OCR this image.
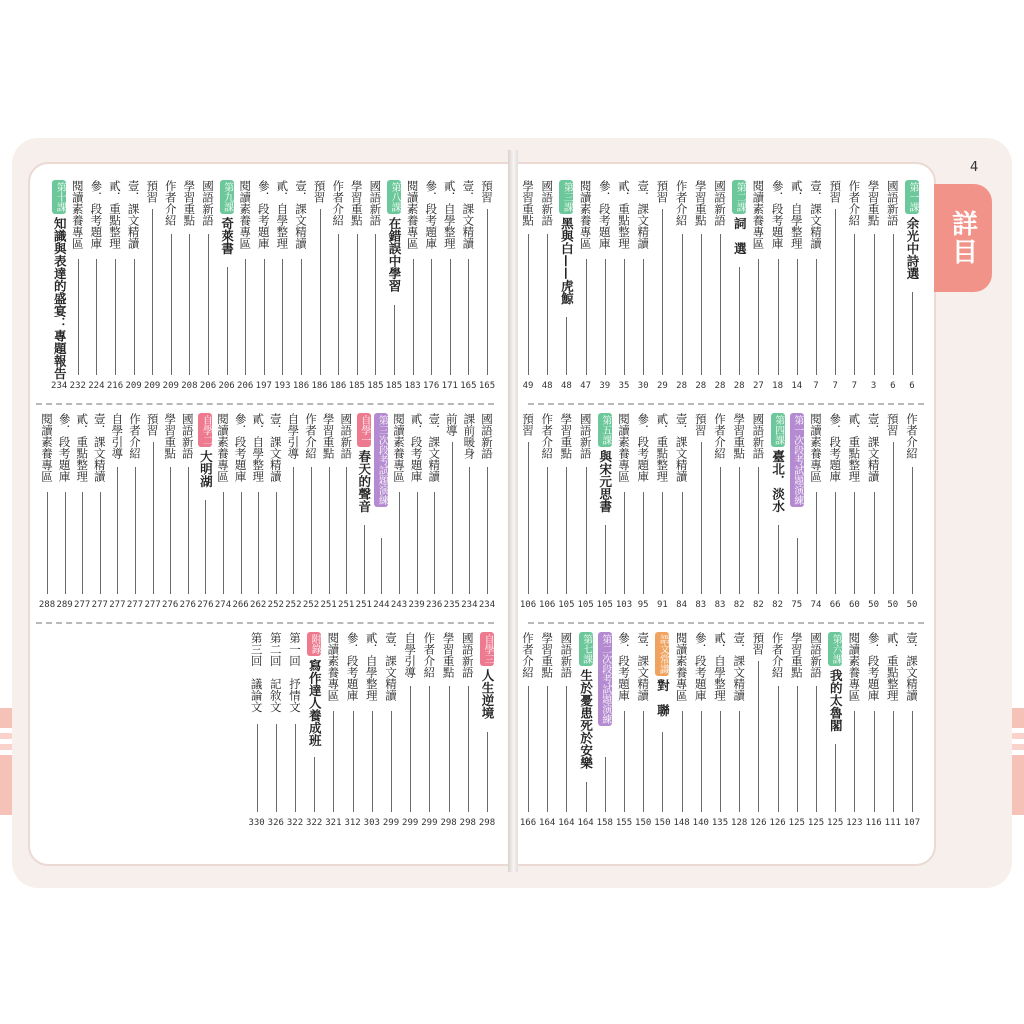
4
詳目
第一課余光中詩選
6
國語新語
6
學習重點
3
作者介紹
7
預習
7
壹．課文精讀
7
貳．自學整理
14
參．段考題庫
18
閱讀素養專區
27
第二課詞　選
28
國語新語
28
學習重點
28
作者介紹
28
預習
29
壹．課文精讀
30
貳．重點整理
35
參．段考題庫
39
閱讀素養專區
47
第三課黑與白——虎鯨
48
國語新語
48
學習重點
49
作者介紹
50
預習
50
壹．課文精讀
50
貳．重點整理
60
參．段考題庫
66
閱讀素養專區
74
第一次段考試題演練
75
第四課臺北．淡水
82
國語新語
82
學習重點
82
作者介紹
83
預習
83
壹．課文精讀
84
貳．重點整理
91
參．段考題庫
95
閱讀素養專區
103
第五課與宋元思書
105
國語新語
105
學習重點
105
作者介紹
106
預習
106
壹．課文精讀
107
貳．重點整理
111
參．段考題庫
116
閱讀素養專區
123
第六課我的太魯閣
125
國語新語
125
學習重點
125
作者介紹
126
預習
126
壹．課文精讀
128
貳．自學整理
135
參．段考題庫
140
閱讀素養專區
148
語文常識對　聯
150
壹．課文精讀
150
參．段考題庫
155
第二次段考試題演練
158
第七課生於憂患死於安樂
164
國語新語
164
學習重點
164
作者介紹
166
預習
165
壹．課文精讀
165
貳．自學整理
171
參．段考題庫
176
閱讀素養專區
183
第八課在錯誤中學習
185
國語新語
185
學習重點
185
作者介紹
186
預習
186
壹．課文精讀
186
貳．自學整理
193
參．段考題庫
197
閱讀素養專區
206
第九課奇萊書
206
國語新語
206
學習重點
208
作者介紹
209
預習
209
壹．課文精讀
209
貳．重點整理
216
參．段考題庫
224
閱讀素養專區
232
第十課知識與表達的盛宴：專題報告
234
國語新語
234
課前暖身
234
前導
235
壹．課文精讀
236
貳．段考題庫
239
閱讀素養專區
243
第三次段考試題演練
244
自學一春天的聲音
251
國語新語
251
學習重點
251
作者介紹
252
自學引導
252
壹．課文精讀
252
貳．自學整理
262
參．段考題庫
266
閱讀素養專區
274
自學二大明湖
276
國語新語
276
學習重點
276
預習
277
作者介紹
277
自學引導
277
壹．課文精讀
277
貳．重點整理
277
參．段考題庫
289
閱讀素養專區
288
自學三人生逆境
298
國語新語
298
學習重點
298
作者介紹
299
自學引導
299
壹．課文精讀
299
貳．自學整理
303
參．段考題庫
312
閱讀素養專區
321
附錄寫作達人養成班
322
第一回　抒情文
322
第二回　記敘文
326
第三回　議論文
330
